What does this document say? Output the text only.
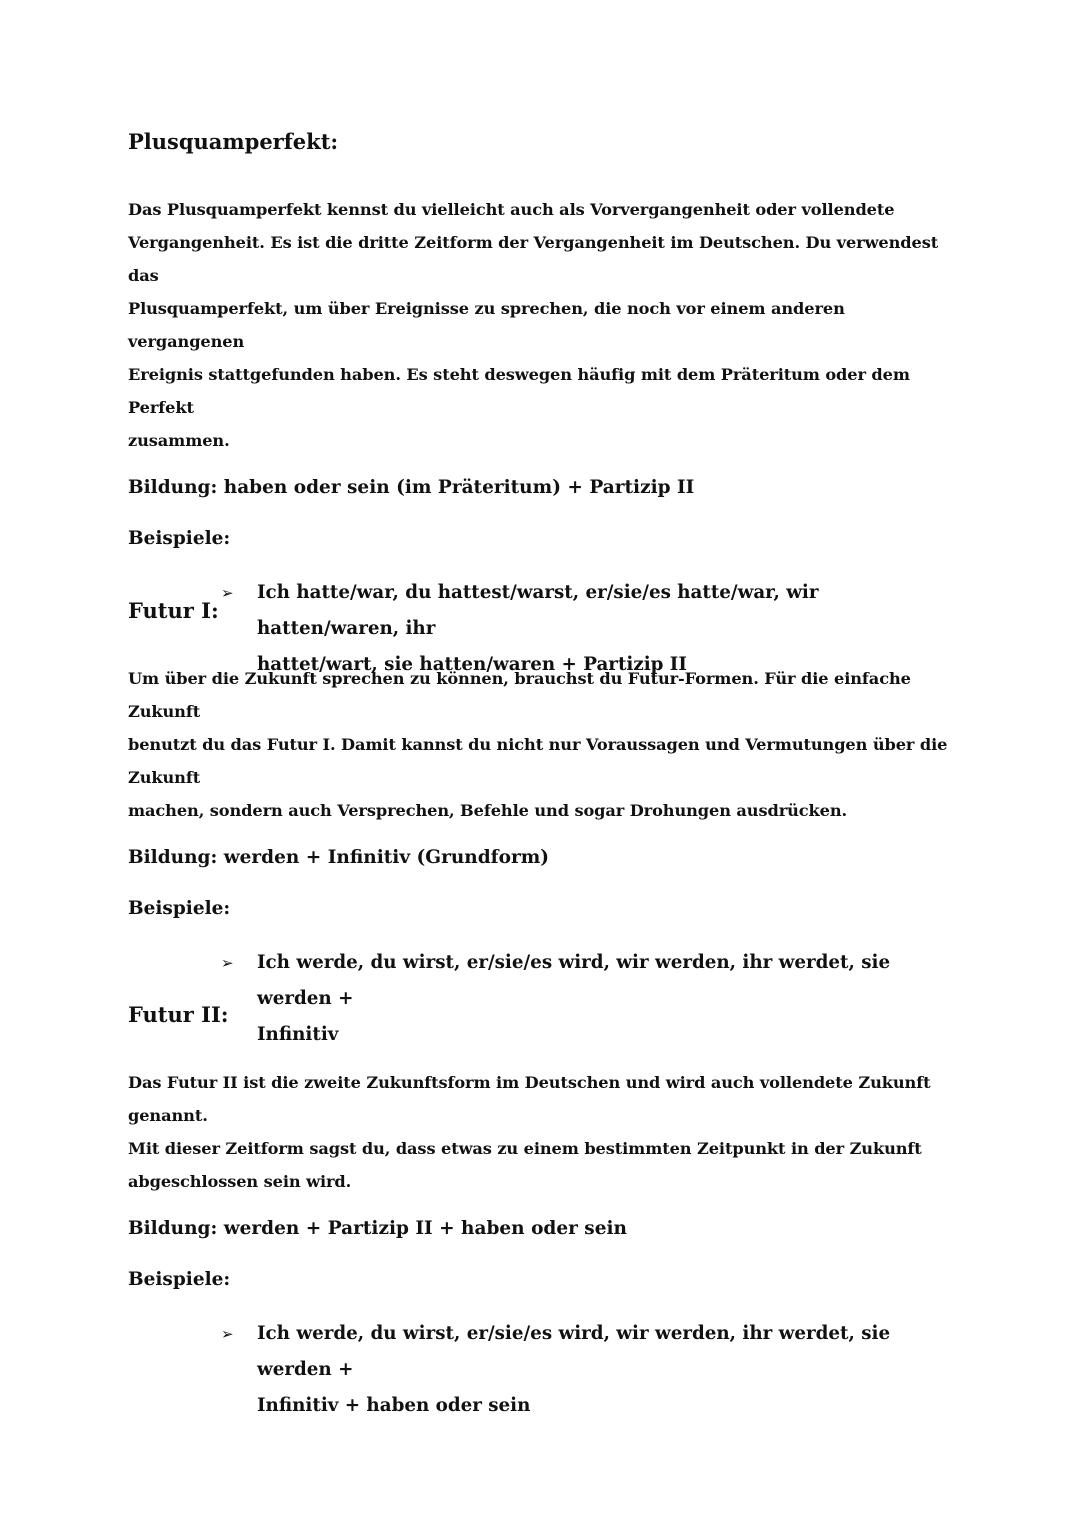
Plusquamperfekt:

Das Plusquamperfekt kennst du vielleicht auch als Vorvergangenheit oder vollendete

Vergangenheit. Es ist die dritte Zeitform der Vergangenheit im Deutschen. Du verwendest das

Plusquamperfekt, um über Ereignisse zu sprechen, die noch vor einem anderen vergangenen

Ereignis stattgefunden haben. Es steht deswegen häufig mit dem Präteritum oder dem Perfekt

zusammen.

Bildung: haben oder sein (im Präteritum) + Partizip II

Beispiele:

➢ Ich hatte/war, du hattest/warst, er/sie/es hatte/war, wir hatten/waren, ihr

hattet/wart, sie hatten/waren + Partizip II

Futur I:

Um über die Zukunft sprechen zu können, brauchst du Futur-Formen. Für die einfache Zukunft

benutzt du das Futur I. Damit kannst du nicht nur Voraussagen und Vermutungen über die Zukunft

machen, sondern auch Versprechen, Befehle und sogar Drohungen ausdrücken.

Bildung: werden + Infinitiv (Grundform)

Beispiele:

➢ Ich werde, du wirst, er/sie/es wird, wir werden, ihr werdet, sie werden +

Infinitiv

Futur II:

Das Futur II ist die zweite Zukunftsform im Deutschen und wird auch vollendete Zukunft genannt.

Mit dieser Zeitform sagst du, dass etwas zu einem bestimmten Zeitpunkt in der Zukunft

abgeschlossen sein wird.

Bildung: werden + Partizip II + haben oder sein

Beispiele:

➢ Ich werde, du wirst, er/sie/es wird, wir werden, ihr werdet, sie werden +

Infinitiv + haben oder sein
